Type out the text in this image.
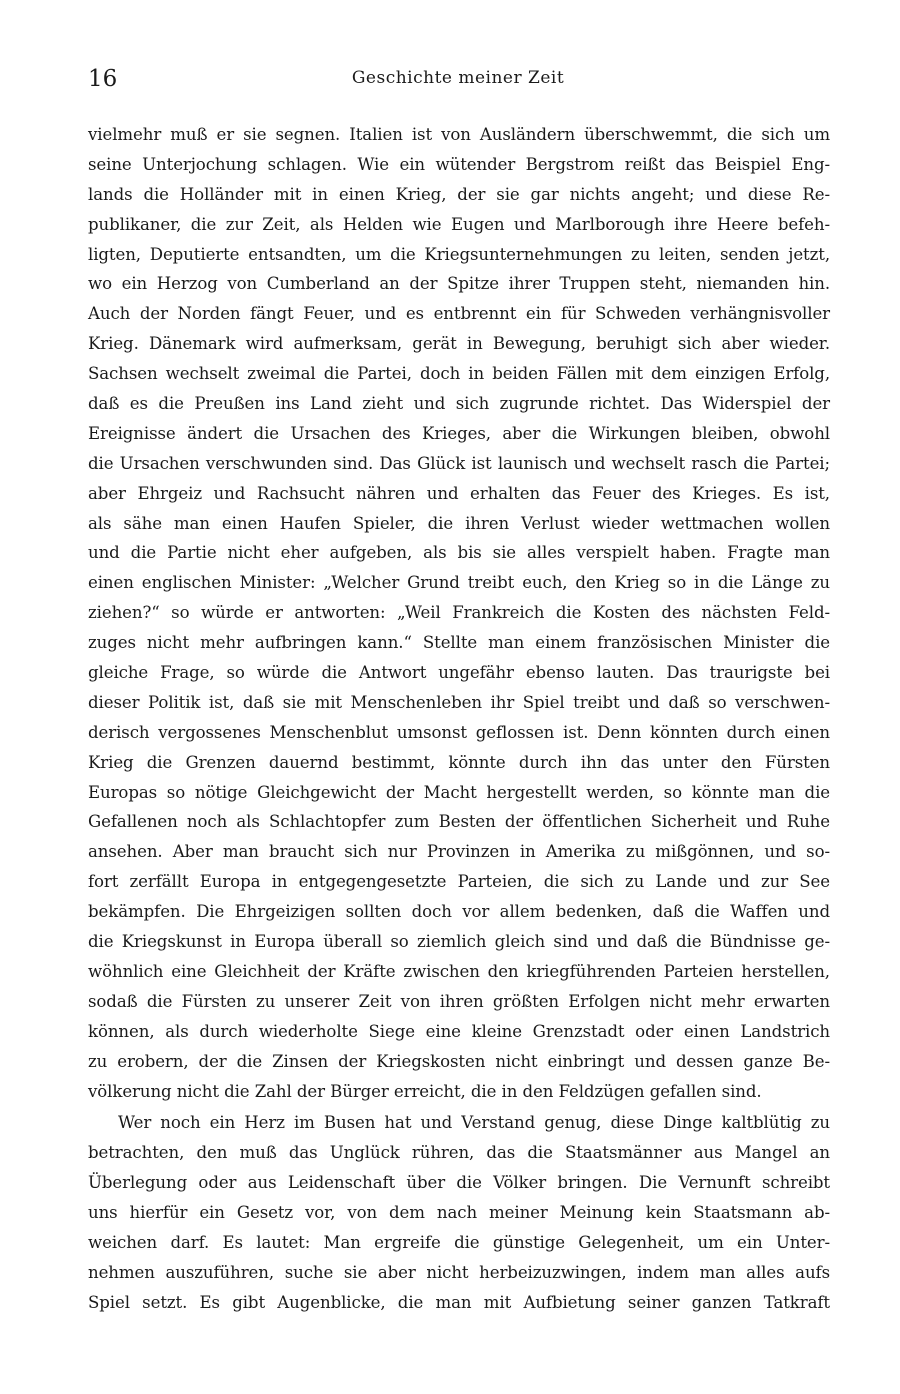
16	Geschichte meiner Zeit
vielmehr muß er sie segnen. Italien ist von Ausländern überschwemmt, die sich um
seine Unterjochung schlagen. Wie ein wütender Bergstrom reißt das Beispiel Eng-
lands die Holländer mit in einen Krieg, der sie gar nichts angeht; und diese Re-
publikaner, die zur Zeit, als Helden wie Eugen und Marlborough ihre Heere befeh-
ligten, Deputierte entsandten, um die Kriegsunternehmungen zu leiten, senden jetzt,
wo ein Herzog von Cumberland an der Spitze ihrer Truppen steht, niemanden hin.
Auch der Norden fängt Feuer, und es entbrennt ein für Schweden verhängnisvoller
Krieg. Dänemark wird aufmerksam, gerät in Bewegung, beruhigt sich aber wieder.
Sachsen wechselt zweimal die Partei, doch in beiden Fällen mit dem einzigen Erfolg,
daß es die Preußen ins Land zieht und sich zugrunde richtet. Das Widerspiel der
Ereignisse ändert die Ursachen des Krieges, aber die Wirkungen bleiben, obwohl
die Ursachen verschwunden sind. Das Glück ist launisch und wechselt rasch die Partei;
aber Ehrgeiz und Rachsucht nähren und erhalten das Feuer des Krieges. Es ist,
als sähe man einen Haufen Spieler, die ihren Verlust wieder wettmachen wollen
und die Partie nicht eher aufgeben, als bis sie alles verspielt haben. Fragte man
einen englischen Minister: „Welcher Grund treibt euch, den Krieg so in die Länge zu
ziehen?“ so würde er antworten: „Weil Frankreich die Kosten des nächsten Feld-
zuges nicht mehr aufbringen kann.“ Stellte man einem französischen Minister die
gleiche Frage, so würde die Antwort ungefähr ebenso lauten. Das traurigste bei
dieser Politik ist, daß sie mit Menschenleben ihr Spiel treibt und daß so verschwen-
derisch vergossenes Menschenblut umsonst geflossen ist. Denn könnten durch einen
Krieg die Grenzen dauernd bestimmt, könnte durch ihn das unter den Fürsten
Europas so nötige Gleichgewicht der Macht hergestellt werden, so könnte man die
Gefallenen noch als Schlachtopfer zum Besten der öffentlichen Sicherheit und Ruhe
ansehen. Aber man braucht sich nur Provinzen in Amerika zu mißgönnen, und so-
fort zerfällt Europa in entgegengesetzte Parteien, die sich zu Lande und zur See
bekämpfen. Die Ehrgeizigen sollten doch vor allem bedenken, daß die Waffen und
die Kriegskunst in Europa überall so ziemlich gleich sind und daß die Bündnisse ge-
wöhnlich eine Gleichheit der Kräfte zwischen den kriegführenden Parteien herstellen,
sodaß die Fürsten zu unserer Zeit von ihren größten Erfolgen nicht mehr erwarten
können, als durch wiederholte Siege eine kleine Grenzstadt oder einen Landstrich
zu erobern, der die Zinsen der Kriegskosten nicht einbringt und dessen ganze Be-
völkerung nicht die Zahl der Bürger erreicht, die in den Feldzügen gefallen sind.
Wer noch ein Herz im Busen hat und Verstand genug, diese Dinge kaltblütig zu
betrachten, den muß das Unglück rühren, das die Staatsmänner aus Mangel an
Überlegung oder aus Leidenschaft über die Völker bringen. Die Vernunft schreibt
uns hierfür ein Gesetz vor, von dem nach meiner Meinung kein Staatsmann ab-
weichen darf. Es lautet: Man ergreife die günstige Gelegenheit, um ein Unter-
nehmen auszuführen, suche sie aber nicht herbeizuzwingen, indem man alles aufs
Spiel setzt. Es gibt Augenblicke, die man mit Aufbietung seiner ganzen Tatkraft
